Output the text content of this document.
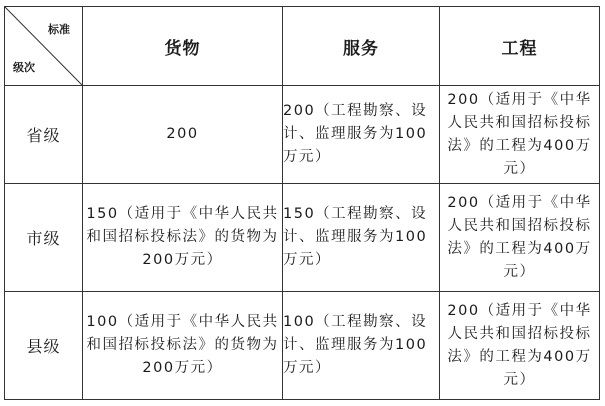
标准
级次	货物	服务	工程
省级	200	200（工程勘察、设计、监理服务为100万元）	200（适用于《中华人民共和国招标投标法》的工程为400万元）
市级	150（适用于《中华人民共和国招标投标法》的货物为200万元）	150（工程勘察、设计、监理服务为100万元）	200（适用于《中华人民共和国招标投标法》的工程为400万元）
县级	100（适用于《中华人民共和国招标投标法》的货物为200万元）	100（工程勘察、设计、监理服务为100万元）	200（适用于《中华人民共和国招标投标法》的工程为400万元）
